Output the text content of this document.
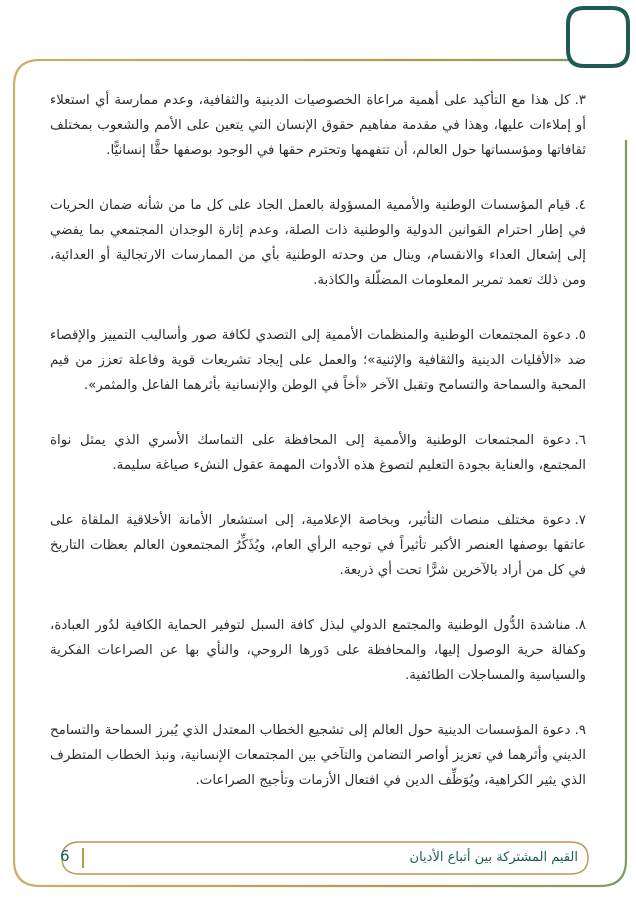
٣.كل هذا مع التأكيد على أهمية مراعاة الخصوصيات الدينية والثقافية، وعدم ممارسة أي استعلاء أو إملاءات عليها، وهذا في مقدمة مفاهيم حقوق الإنسان التي يتعين على الأمم والشعوب بمختلف ثقافاتها ومؤسساتها حول العالم، أن تتفهمها وتحترم حقها في الوجود بوصفها حقًّا إنسانيًّا.

٤.قيام المؤسسات الوطنية والأممية المسؤولة بالعمل الجاد على كل ما من شأنه ضمان الحريات في إطار احترام القوانين الدولية والوطنية ذات الصلة، وعدم إثارة الوجدان المجتمعي بما يفضي إلى إشعال العداء والانقسام، وينال من وحدته الوطنية بأي من الممارسات الارتجالية أو العدائية، ومن ذلك تعمد تمرير المعلومات المضلّلة والكاذبة.

٥.دعوة المجتمعات الوطنية والمنظمات الأممية إلى التصدي لكافة صور وأساليب التمييز والإقصاء ضد «الأقليات الدينية والثقافية والإثنية»؛ والعمل على إيجاد تشريعات قوية وفاعلة تعزز من قيم المحبة والسماحة والتسامح وتقبل الآخر «أخاً في الوطن والإنسانية بأثرهما الفاعل والمثمر».

٦.دعوة المجتمعات الوطنية والأممية إلى المحافظة على التماسك الأسري الذي يمثل نواة المجتمع، والعناية بجودة التعليم لتصوغ هذه الأدوات المهمة عقول النشء صياغة سليمة.

٧.دعوة مختلف منصات التأثير، وبخاصة الإعلامية، إلى استشعار الأمانة الأخلاقية الملقاة على عاتقها بوصفها العنصر الأكبر تأثيراً في توجيه الرأي العام، ويُذَكِّرُ المجتمعون العالم بعظات التاريخ في كل من أراد بالآخرين شرًّا تحت أي ذريعة.

٨.مناشدة الدُّول الوطنية والمجتمع الدولي لبذل كافة السبل لتوفير الحماية الكافية لدُور العبادة، وكفالة حرية الوصول إليها، والمحافظة على دَورها الروحي، والنأي بها عن الصراعات الفكرية والسياسية والمساجلات الطائفية.

٩.دعوة المؤسسات الدينية حول العالم إلى تشجيع الخطاب المعتدل الذي يُبرز السماحة والتسامح الديني وأثرهما في تعزيز أواصر التضامن والتآخي بين المجتمعات الإنسانية، ونبذ الخطاب المتطرف الذي يثير الكراهية، ويُوَظِّف الدين في افتعال الأزمات وتأجيج الصراعات.

القيم المشتركة بين أتباع الأديان
6
